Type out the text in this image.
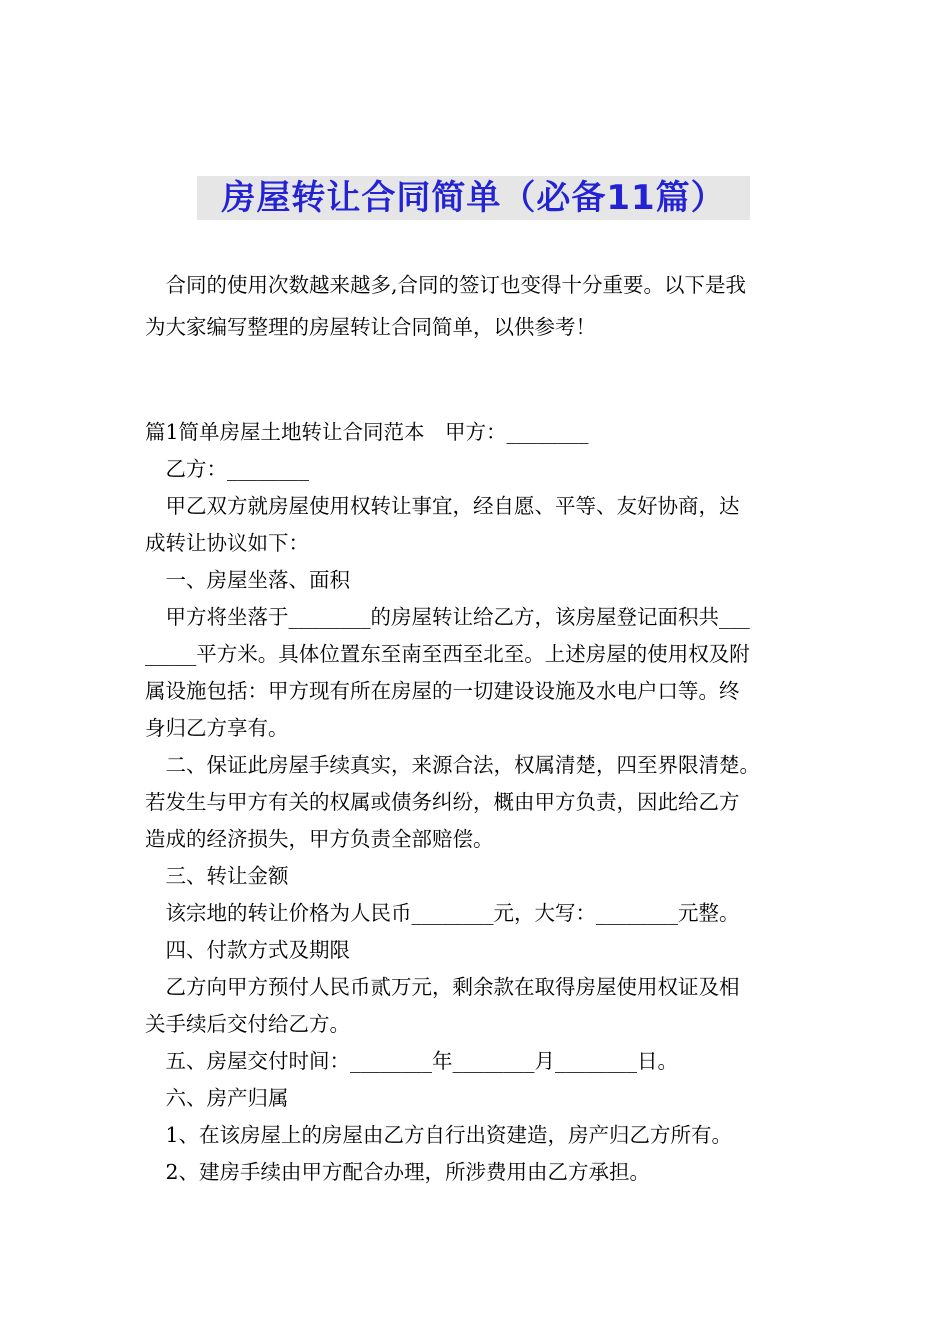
房屋转让合同简单（必备11篇）
　合同的使用次数越来越多,合同的签订也变得十分重要。以下是我
为大家编写整理的房屋转让合同简单，以供参考！
篇1简单房屋土地转让合同范本　甲方：________
　乙方：________
　甲乙双方就房屋使用权转让事宜，经自愿、平等、友好协商，达
成转让协议如下：
　一、房屋坐落、面积
　甲方将坐落于________的房屋转让给乙方，该房屋登记面积共___
_____平方米。具体位置东至南至西至北至。上述房屋的使用权及附
属设施包括：甲方现有所在房屋的一切建设设施及水电户口等。终
身归乙方享有。
　二、保证此房屋手续真实，来源合法，权属清楚，四至界限清楚。
若发生与甲方有关的权属或债务纠纷，概由甲方负责，因此给乙方
造成的经济损失，甲方负责全部赔偿。
　三、转让金额
　该宗地的转让价格为人民币________元，大写：________元整。
　四、付款方式及期限
　乙方向甲方预付人民币贰万元，剩余款在取得房屋使用权证及相
关手续后交付给乙方。
　五、房屋交付时间：________年________月________日。
　六、房产归属
　1、在该房屋上的房屋由乙方自行出资建造，房产归乙方所有。
　2、建房手续由甲方配合办理，所涉费用由乙方承担。
